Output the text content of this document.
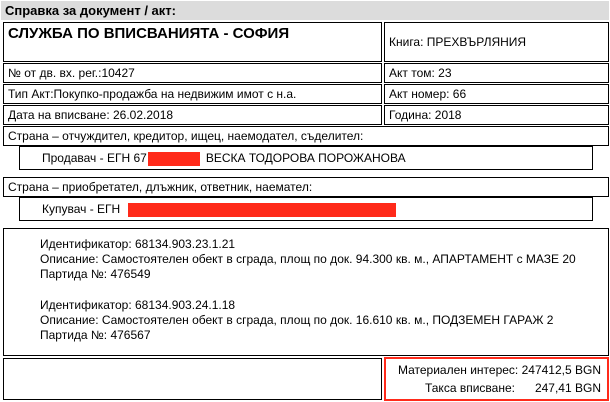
Справка за документ / акт:
СЛУЖБА ПО ВПИСВАНИЯТА - СОФИЯ	Книга: ПРЕХВЪРЛЯНИЯ
№ от дв. вх. рег.:10427	Акт том: 23
Тип Акт:Покупко-продажба на недвижим имот с н.а.	Акт номер: 66
Дата на вписване: 26.02.2018	Година: 2018
Страна – отчуждител, кредитор, ищец, наемодател, съделител:
Продавач - ЕГН 67	ВЕСКА ТОДОРОВА ПОРОЖАНОВА
Страна – приобретател, длъжник, ответник, наемател:
Купувач - ЕГН
Идентификатор: 68134.903.23.1.21
Описание: Самостоятелен обект в сграда, площ по док. 94.300 кв. м., АПАРТАМЕНТ с МАЗЕ 20
Партида №: 476549
Идентификатор: 68134.903.24.1.18
Описание: Самостоятелен обект в сграда, площ по док. 16.610 кв. м., ПОДЗЕМЕН ГАРАЖ 2
Партида №: 476567
Материален интерес: 247412,5 BGN
Такса вписване:      247,41 BGN
